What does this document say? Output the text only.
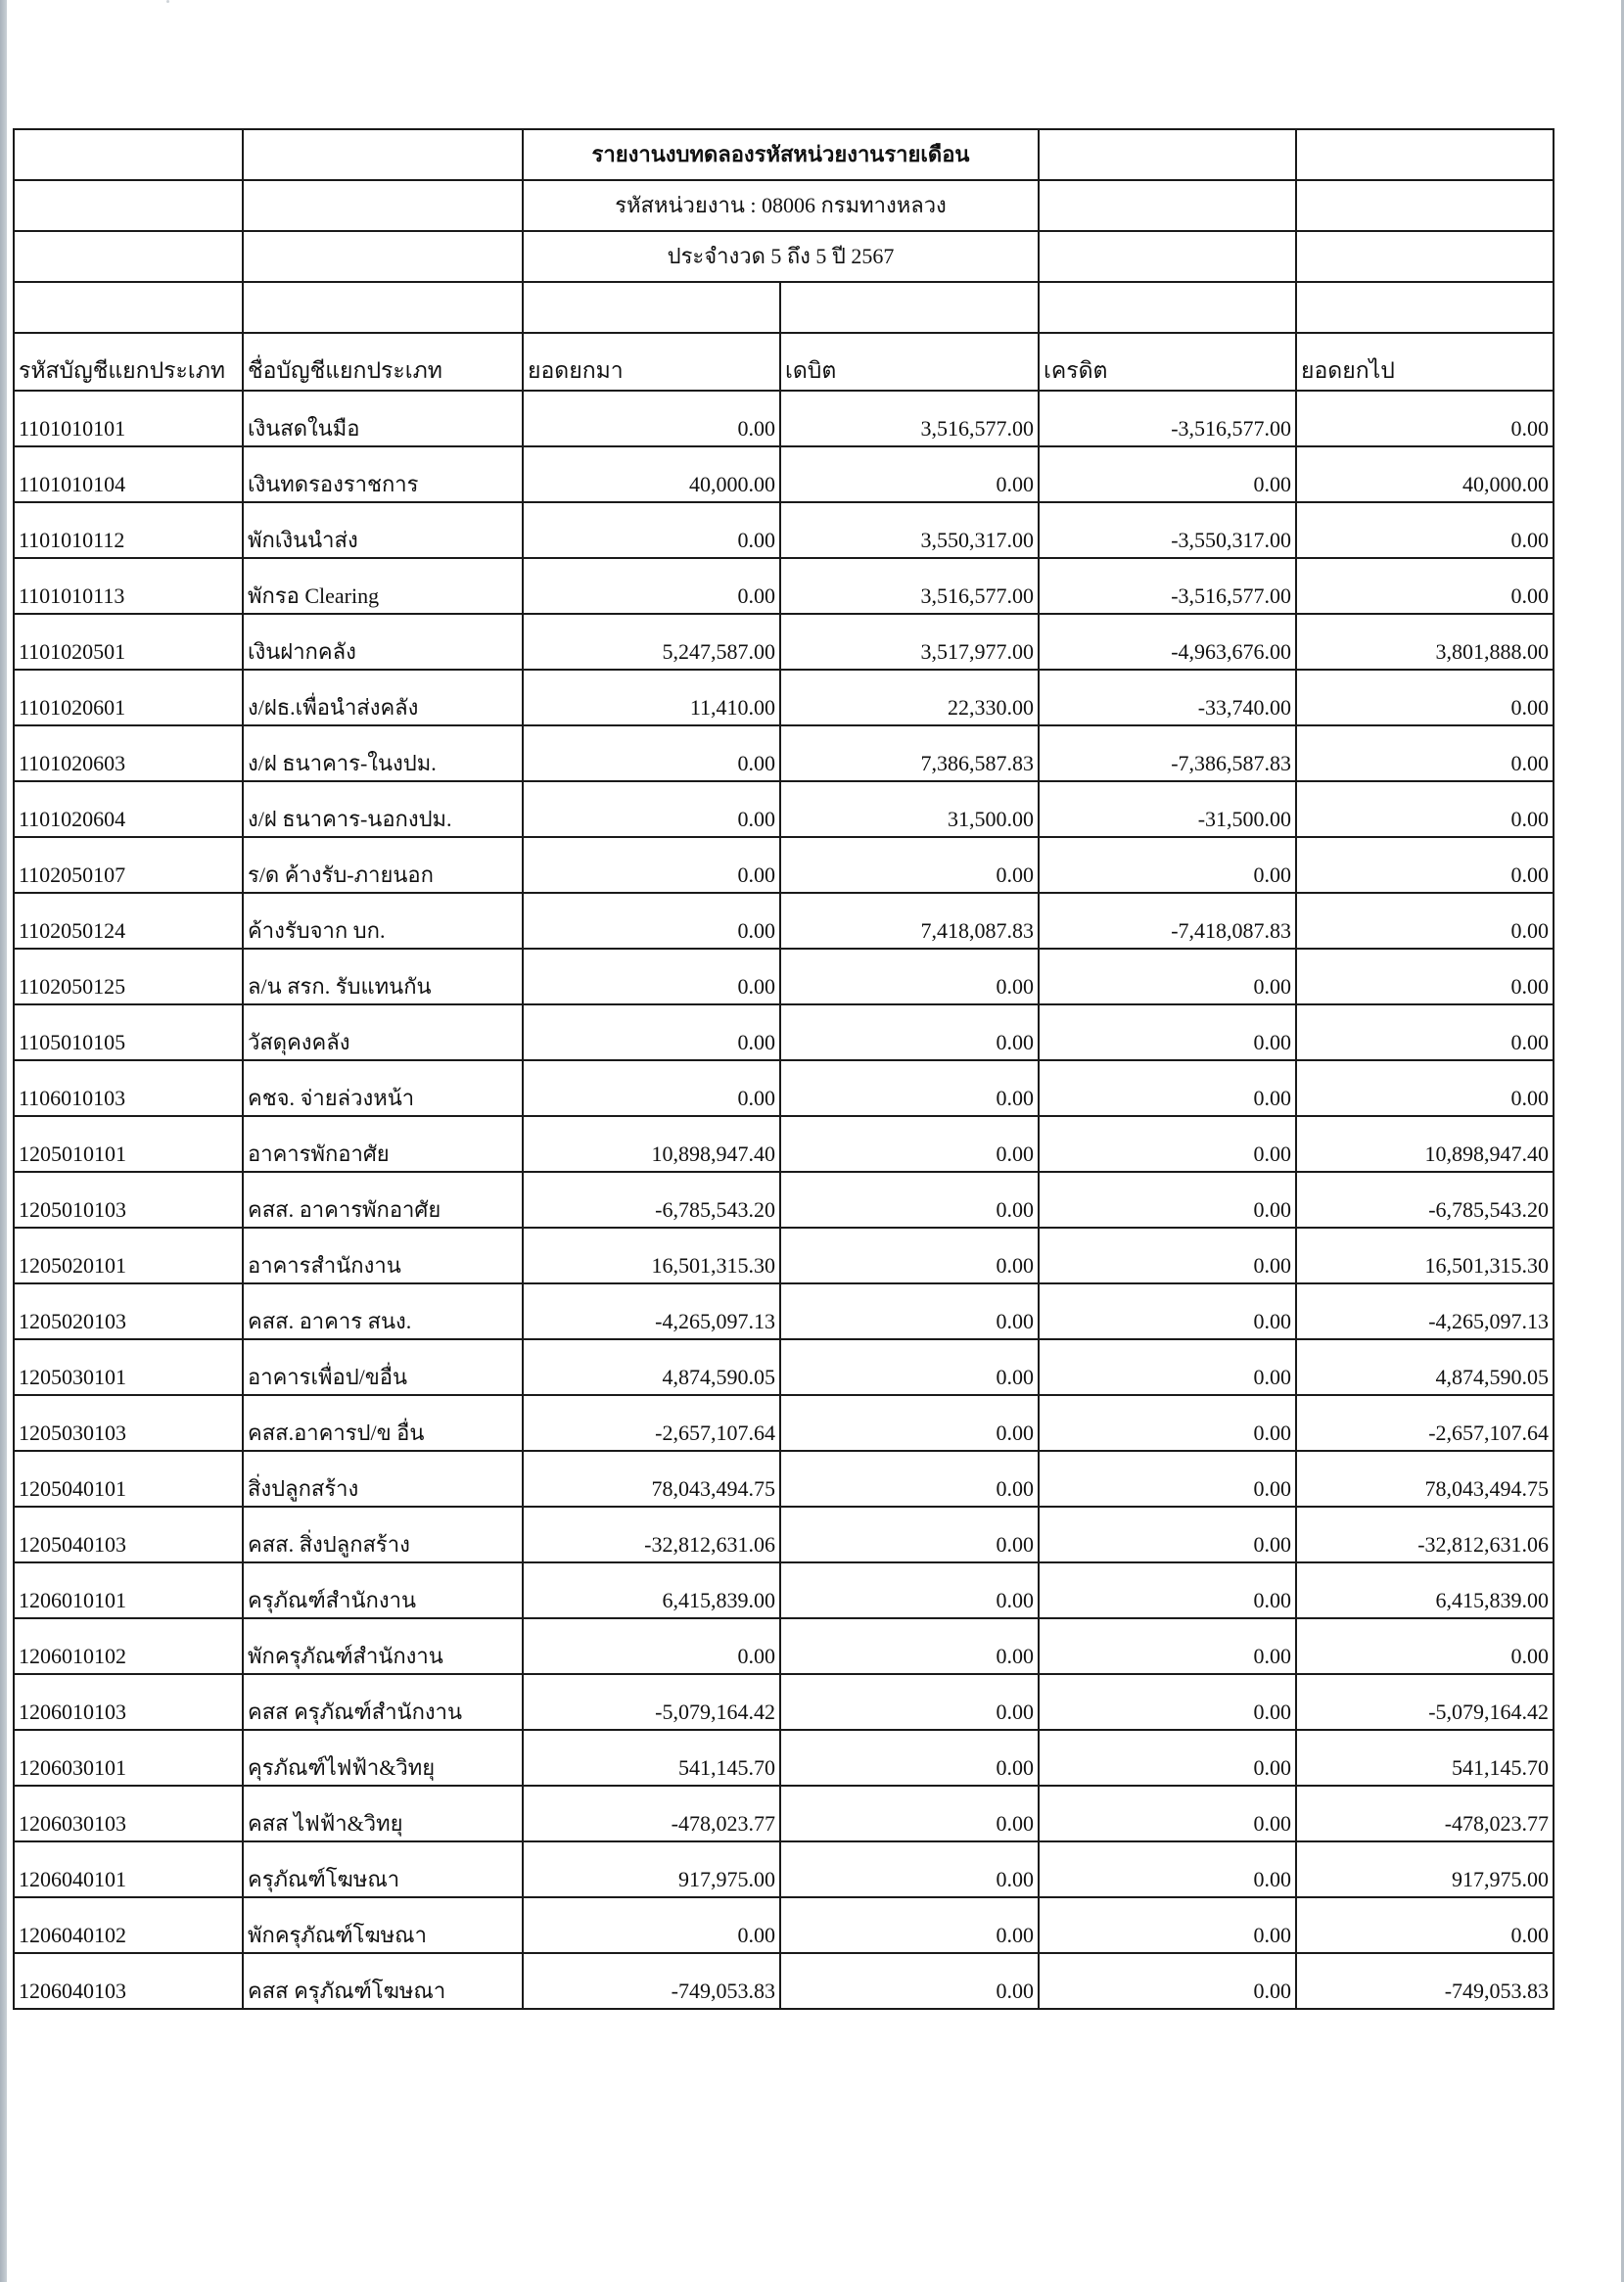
		รายงานงบทดลองรหัสหน่วยงานรายเดือน			
		รหัสหน่วยงาน : 08006 กรมทางหลวง			
		ประจำงวด 5 ถึง 5 ปี 2567			

รหัสบัญชีแยกประเภท	ชื่อบัญชีแยกประเภท	ยอดยกมา	เดบิต	เครดิต	ยอดยกไป
1101010101	เงินสดในมือ	0.00	3,516,577.00	-3,516,577.00	0.00
1101010104	เงินทดรองราชการ	40,000.00	0.00	0.00	40,000.00
1101010112	พักเงินนำส่ง	0.00	3,550,317.00	-3,550,317.00	0.00
1101010113	พักรอ Clearing	0.00	3,516,577.00	-3,516,577.00	0.00
1101020501	เงินฝากคลัง	5,247,587.00	3,517,977.00	-4,963,676.00	3,801,888.00
1101020601	ง/ฝธ.เพื่อนำส่งคลัง	11,410.00	22,330.00	-33,740.00	0.00
1101020603	ง/ฝ ธนาคาร-ในงปม.	0.00	7,386,587.83	-7,386,587.83	0.00
1101020604	ง/ฝ ธนาคาร-นอกงปม.	0.00	31,500.00	-31,500.00	0.00
1102050107	ร/ด ค้างรับ-ภายนอก	0.00	0.00	0.00	0.00
1102050124	ค้างรับจาก บก.	0.00	7,418,087.83	-7,418,087.83	0.00
1102050125	ล/น สรก. รับแทนกัน	0.00	0.00	0.00	0.00
1105010105	วัสดุคงคลัง	0.00	0.00	0.00	0.00
1106010103	คชจ. จ่ายล่วงหน้า	0.00	0.00	0.00	0.00
1205010101	อาคารพักอาศัย	10,898,947.40	0.00	0.00	10,898,947.40
1205010103	คสส. อาคารพักอาศัย	-6,785,543.20	0.00	0.00	-6,785,543.20
1205020101	อาคารสำนักงาน	16,501,315.30	0.00	0.00	16,501,315.30
1205020103	คสส. อาคาร สนง.	-4,265,097.13	0.00	0.00	-4,265,097.13
1205030101	อาคารเพื่อป/ขอื่น	4,874,590.05	0.00	0.00	4,874,590.05
1205030103	คสส.อาคารป/ข อื่น	-2,657,107.64	0.00	0.00	-2,657,107.64
1205040101	สิ่งปลูกสร้าง	78,043,494.75	0.00	0.00	78,043,494.75
1205040103	คสส. สิ่งปลูกสร้าง	-32,812,631.06	0.00	0.00	-32,812,631.06
1206010101	ครุภัณฑ์สำนักงาน	6,415,839.00	0.00	0.00	6,415,839.00
1206010102	พักครุภัณฑ์สำนักงาน	0.00	0.00	0.00	0.00
1206010103	คสส ครุภัณฑ์สำนักงาน	-5,079,164.42	0.00	0.00	-5,079,164.42
1206030101	คุรภัณฑ์ไฟฟ้า&วิทยุ	541,145.70	0.00	0.00	541,145.70
1206030103	คสส ไฟฟ้า&วิทยุ	-478,023.77	0.00	0.00	-478,023.77
1206040101	ครุภัณฑ์โฆษณา	917,975.00	0.00	0.00	917,975.00
1206040102	พักครุภัณฑ์โฆษณา	0.00	0.00	0.00	0.00
1206040103	คสส ครุภัณฑ์โฆษณา	-749,053.83	0.00	0.00	-749,053.83
